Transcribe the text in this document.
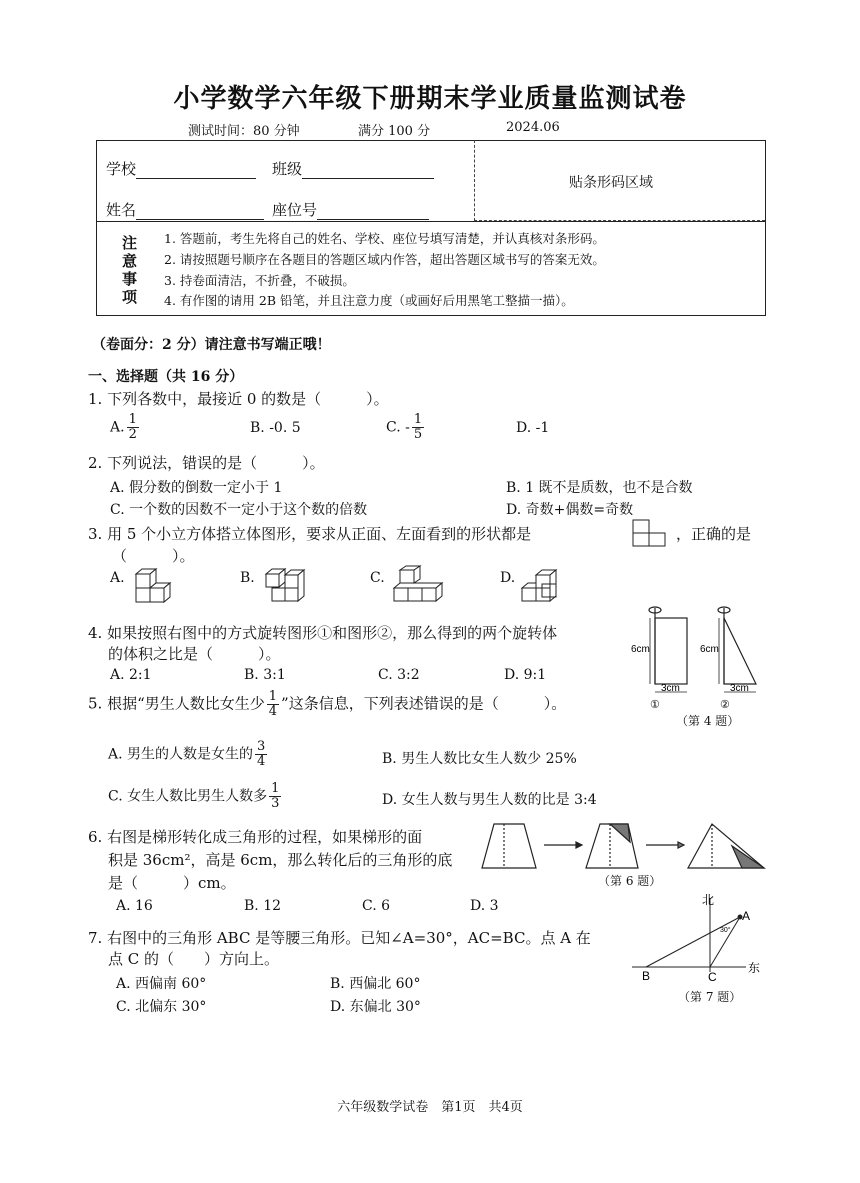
小学数学六年级下册期末学业质量监测试卷
测试时间：80 分钟	满分 100 分	2024.06
贴条形码区域
学校	班级
姓名	座位号
注
意
事
项
1. 答题前，考生先将自己的姓名、学校、座位号填写清楚，并认真核对条形码。
2. 请按照题号顺序在各题目的答题区域内作答，超出答题区域书写的答案无效。
3. 持卷面清洁，不折叠，不破损。
4. 有作图的请用 2B 铅笔，并且注意力度（或画好后用黑笔工整描一描）。
（卷面分：2 分）请注意书写端正哦！
一、选择题（共 16 分）
1. 下列各数中，最接近 0 的数是（　　　）。
A. $\frac{1}{2}$	B. -0. 5	C. - $\frac{1}{5}$	D. -1
2. 下列说法，错误的是（　　　）。
A. 假分数的倒数一定小于 1	B. 1 既不是质数，也不是合数
C. 一个数的因数不一定小于这个数的倍数	D. 奇数+偶数=奇数
3. 用 5 个小立方体搭立体图形，要求从正面、左面看到的形状都是	，正确的是
（　　　）。
A.	B.	C.	D.
4. 如果按照右图中的方式旋转图形①和图形②，那么得到的两个旋转体
的体积之比是（　　　）。
A. 2:1	B. 3:1	C. 3:2	D. 9:1
6cm
3cm
6cm
3cm
①	②
（第 4 题）
5. 根据“男生人数比女生少 $\frac{1}{4}$ ”这条信息，下列表述错误的是（　　　）。
A. 男生的人数是女生的 $\frac{3}{4}$	B. 男生人数比女生人数少 25%
C. 女生人数比男生人数多 $\frac{1}{3}$	D. 女生人数与男生人数的比是 3:4
6. 右图是梯形转化成三角形的过程，如果梯形的面
积是 36cm²，高是 6cm，那么转化后的三角形的底
是（　　　）cm。
A. 16	B. 12	C. 6	D. 3
（第 6 题）
7. 右图中的三角形 ABC 是等腰三角形。已知∠A=30°，AC=BC。点 A 在
点 C 的（　　）方向上。
A. 西偏南 60°	B. 西偏北 60°
C. 北偏东 30°	D. 东偏北 30°
北
东
A
B	C
30°
（第 7 题）
六年级数学试卷　第1页　共4页
